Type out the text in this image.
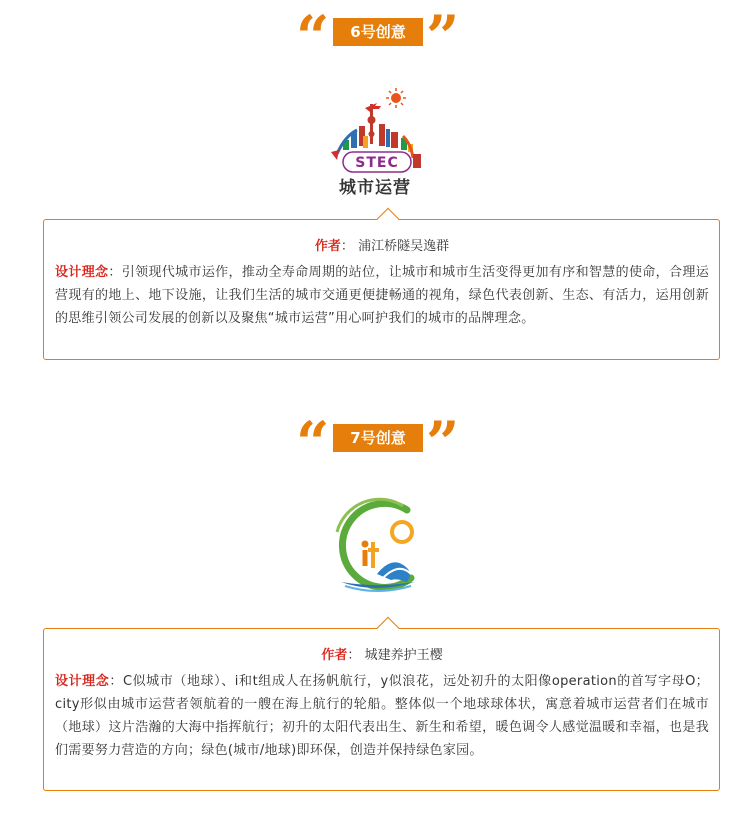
“	6号创意 ”
STEC
城市运营

作者： 浦江桥隧吴逸群

设计理念：引领现代城市运作，推动全寿命周期的站位，让城市和城市生活变得更加有序和智慧的使命，合理运营现有的地上、地下设施，让我们生活的城市交通更便捷畅通的视角，绿色代表创新、生态、有活力，运用创新的思维引领公司发展的创新以及聚焦“城市运营”用心呵护我们的城市的品牌理念。

“	7号创意 ”

作者： 城建养护王樱

设计理念：C似城市（地球）、i和t组成人在扬帆航行，y似浪花，远处初升的太阳像operation的首写字母O；city形似由城市运营者领航着的一艘在海上航行的轮船。整体似一个地球球体状，寓意着城市运营者们在城市（地球）这片浩瀚的大海中指挥航行；初升的太阳代表出生、新生和希望，暖色调令人感觉温暖和幸福，也是我们需要努力营造的方向；绿色(城市/地球)即环保，创造并保持绿色家园。
